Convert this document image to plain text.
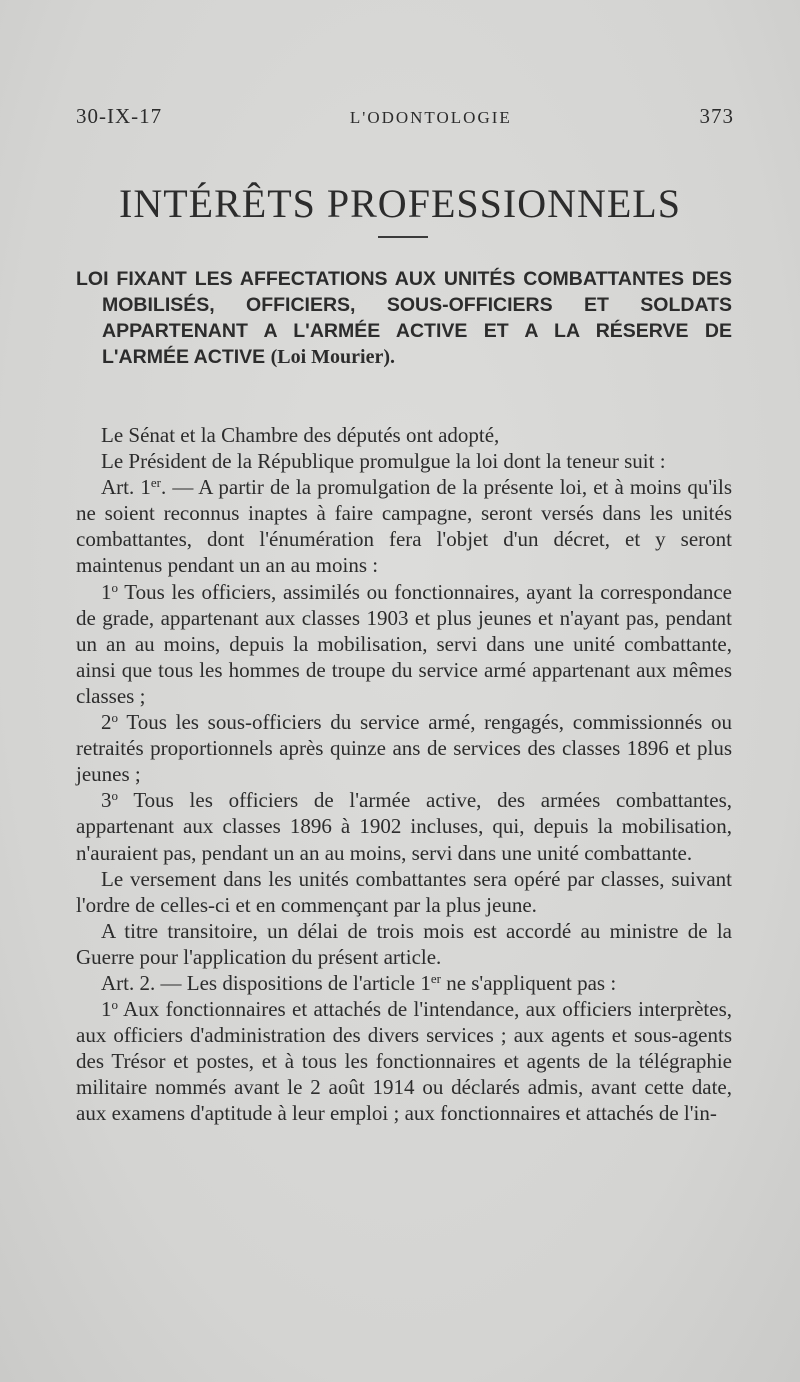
30-IX-17	L'ODONTOLOGIE	373
INTÉRÊTS PROFESSIONNELS
LOI FIXANT LES AFFECTATIONS AUX UNITÉS COMBATTANTES DES MOBILISÉS, OFFICIERS, SOUS-OFFICIERS ET SOLDATS APPARTENANT A L'ARMÉE ACTIVE ET A LA RÉSERVE DE L'ARMÉE ACTIVE (Loi Mourier).

Le Sénat et la Chambre des députés ont adopté,

Le Président de la République promulgue la loi dont la teneur suit :

Art. 1er. — A partir de la promulgation de la présente loi, et à moins qu'ils ne soient reconnus inaptes à faire campagne, seront versés dans les unités combattantes, dont l'énumération fera l'objet d'un décret, et y seront maintenus pendant un an au moins :

1$^o$ Tous les officiers, assimilés ou fonctionnaires, ayant la correspondance de grade, appartenant aux classes 1903 et plus jeunes et n'ayant pas, pendant un an au moins, depuis la mobilisation, servi dans une unité combattante, ainsi que tous les hommes de troupe du service armé appartenant aux mêmes classes ;

2$^o$ Tous les sous-officiers du service armé, rengagés, commissionnés ou retraités proportionnels après quinze ans de services des classes 1896 et plus jeunes ;

3$^o$ Tous les officiers de l'armée active, des armées combattantes, appartenant aux classes 1896 à 1902 incluses, qui, depuis la mobilisation, n'auraient pas, pendant un an au moins, servi dans une unité combattante.

Le versement dans les unités combattantes sera opéré par classes, suivant l'ordre de celles-ci et en commençant par la plus jeune.

A titre transitoire, un délai de trois mois est accordé au ministre de la Guerre pour l'application du présent article.

Art. 2. — Les dispositions de l'article 1er ne s'appliquent pas :

1$^o$ Aux fonctionnaires et attachés de l'intendance, aux officiers interprètes, aux officiers d'administration des divers services ; aux agents et sous-agents des Trésor et postes, et à tous les fonctionnaires et agents de la télégraphie militaire nommés avant le 2 août 1914 ou déclarés admis, avant cette date, aux examens d'aptitude à leur emploi ; aux fonctionnaires et attachés de l'in-
